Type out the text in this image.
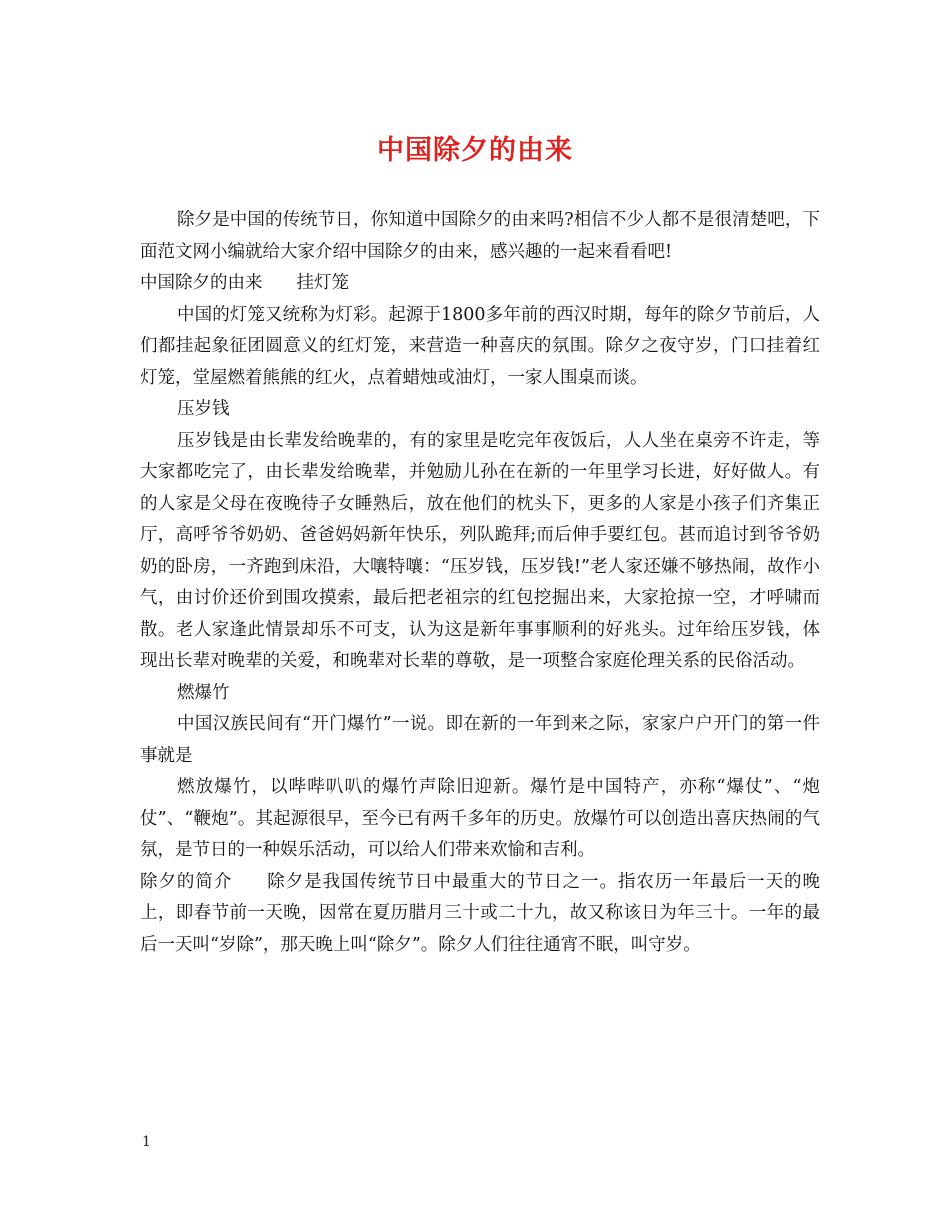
中国除夕的由来

除夕是中国的传统节日，你知道中国除夕的由来吗?相信不少人都不是很清楚吧，下面范文网小编就给大家介绍中国除夕的由来，感兴趣的一起来看看吧!

中国除夕的由来 挂灯笼

中国的灯笼又统称为灯彩。起源于1800多年前的西汉时期，每年的除夕节前后，人们都挂起象征团圆意义的红灯笼，来营造一种喜庆的氛围。除夕之夜守岁，门口挂着红灯笼，堂屋燃着熊熊的红火，点着蜡烛或油灯，一家人围桌而谈。

压岁钱

压岁钱是由长辈发给晚辈的，有的家里是吃完年夜饭后，人人坐在桌旁不许走，等大家都吃完了，由长辈发给晚辈，并勉励儿孙在在新的一年里学习长进，好好做人。有的人家是父母在夜晚待子女睡熟后，放在他们的枕头下，更多的人家是小孩子们齐集正厅，高呼爷爷奶奶、爸爸妈妈新年快乐，列队跪拜;而后伸手要红包。甚而追讨到爷爷奶奶的卧房，一齐跑到床沿，大嚷特嚷：“压岁钱，压岁钱!”老人家还嫌不够热闹，故作小气，由讨价还价到围攻摸索，最后把老祖宗的红包挖掘出来，大家抢掠一空，才呼啸而散。老人家逢此情景却乐不可支，认为这是新年事事顺利的好兆头。过年给压岁钱，体现出长辈对晚辈的关爱，和晚辈对长辈的尊敬，是一项整合家庭伦理关系的民俗活动。

燃爆竹

中国汉族民间有“开门爆竹”一说。即在新的一年到来之际，家家户户开门的第一件事就是

燃放爆竹，以哔哔叭叭的爆竹声除旧迎新。爆竹是中国特产，亦称“爆仗”、“炮仗”、“鞭炮”。其起源很早，至今已有两千多年的历史。放爆竹可以创造出喜庆热闹的气氛，是节日的一种娱乐活动，可以给人们带来欢愉和吉利。

除夕的简介 除夕是我国传统节日中最重大的节日之一。指农历一年最后一天的晚上，即春节前一天晚，因常在夏历腊月三十或二十九，故又称该日为年三十。一年的最后一天叫“岁除”，那天晚上叫“除夕”。除夕人们往往通宵不眠，叫守岁。

1
